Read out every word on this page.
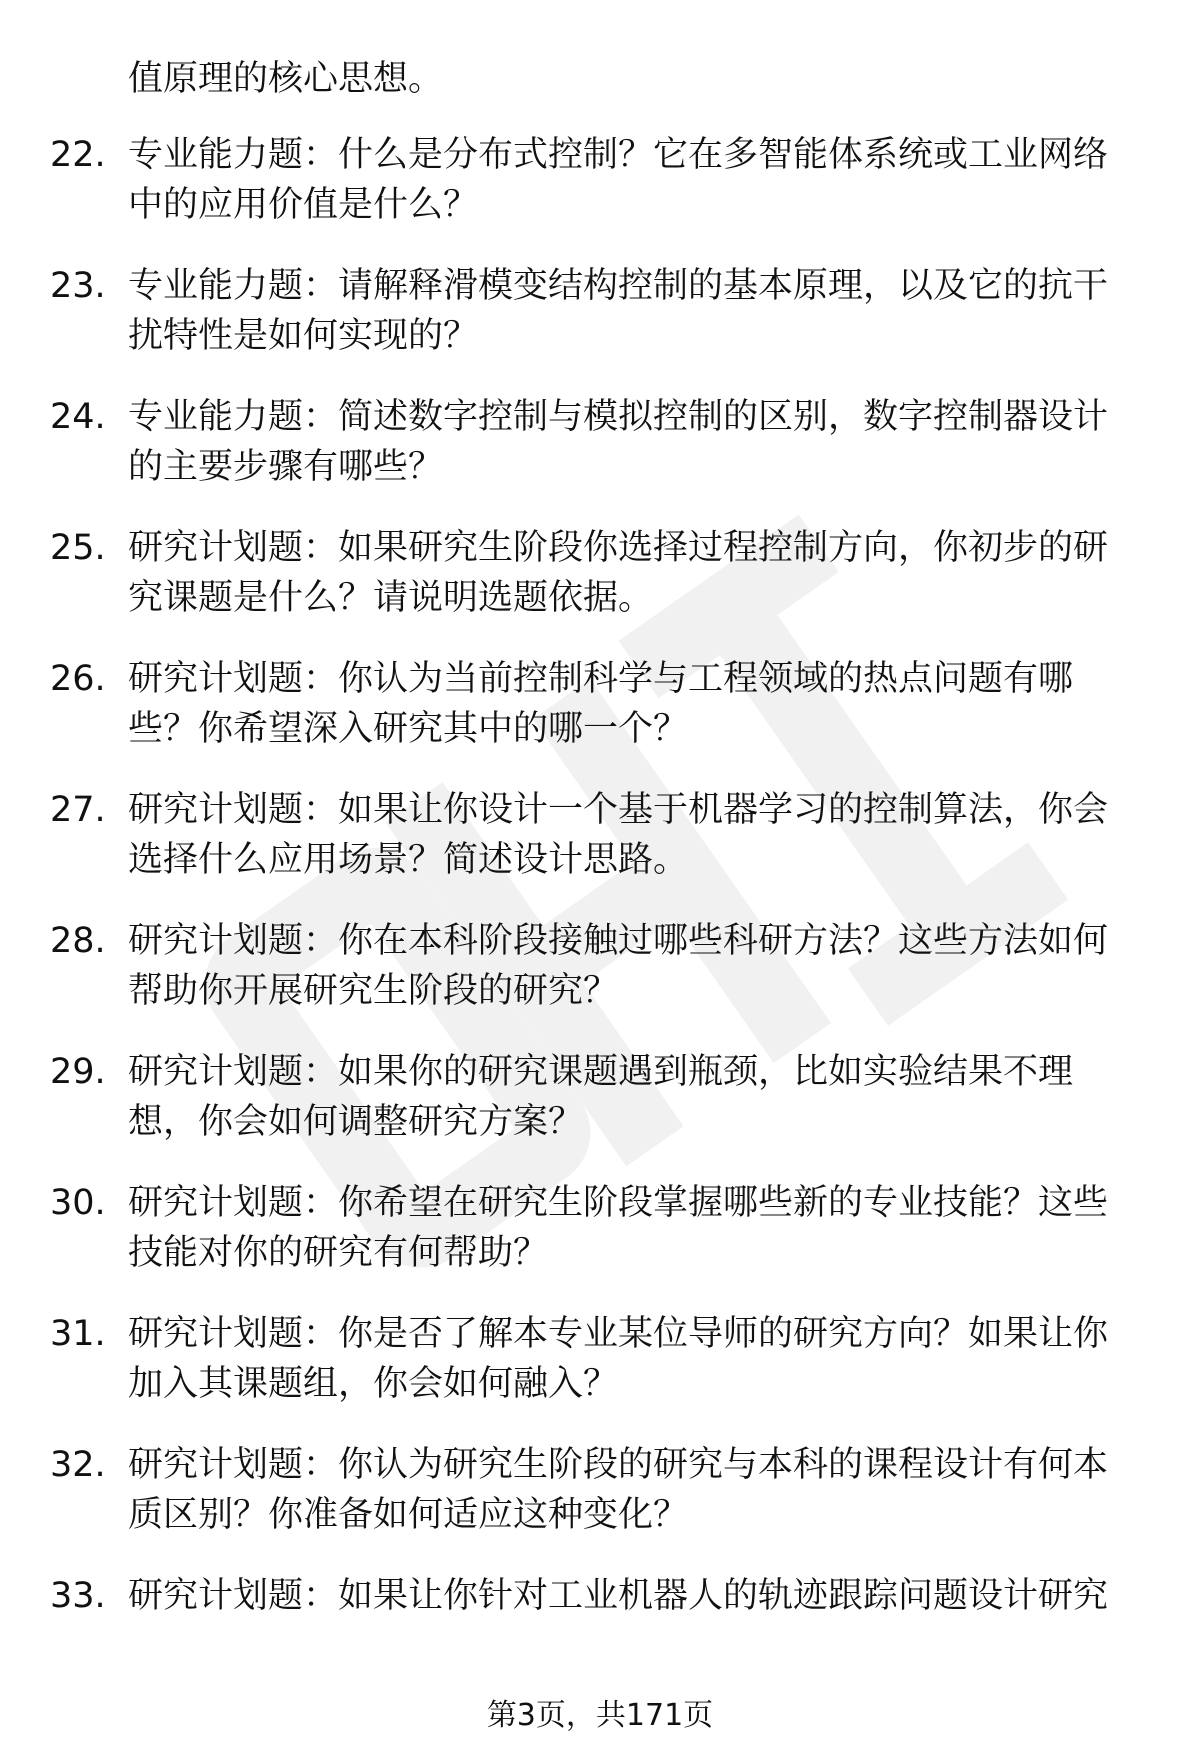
值原理的核心思想。
22. 专业能力题：什么是分布式控制？它在多智能体系统或工业网络
中的应用价值是什么？
23. 专业能力题：请解释滑模变结构控制的基本原理，以及它的抗干
扰特性是如何实现的？
24. 专业能力题：简述数字控制与模拟控制的区别，数字控制器设计
的主要步骤有哪些？
25. 研究计划题：如果研究生阶段你选择过程控制方向，你初步的研
究课题是什么？请说明选题依据。
26. 研究计划题：你认为当前控制科学与工程领域的热点问题有哪
些？你希望深入研究其中的哪一个？
27. 研究计划题：如果让你设计一个基于机器学习的控制算法，你会
选择什么应用场景？简述设计思路。
28. 研究计划题：你在本科阶段接触过哪些科研方法？这些方法如何
帮助你开展研究生阶段的研究？
29. 研究计划题：如果你的研究课题遇到瓶颈，比如实验结果不理
想，你会如何调整研究方案？
30. 研究计划题：你希望在研究生阶段掌握哪些新的专业技能？这些
技能对你的研究有何帮助？
31. 研究计划题：你是否了解本专业某位导师的研究方向？如果让你
加入其课题组，你会如何融入？
32. 研究计划题：你认为研究生阶段的研究与本科的课程设计有何本
质区别？你准备如何适应这种变化？
33. 研究计划题：如果让你针对工业机器人的轨迹跟踪问题设计研究
第3页，共171页
